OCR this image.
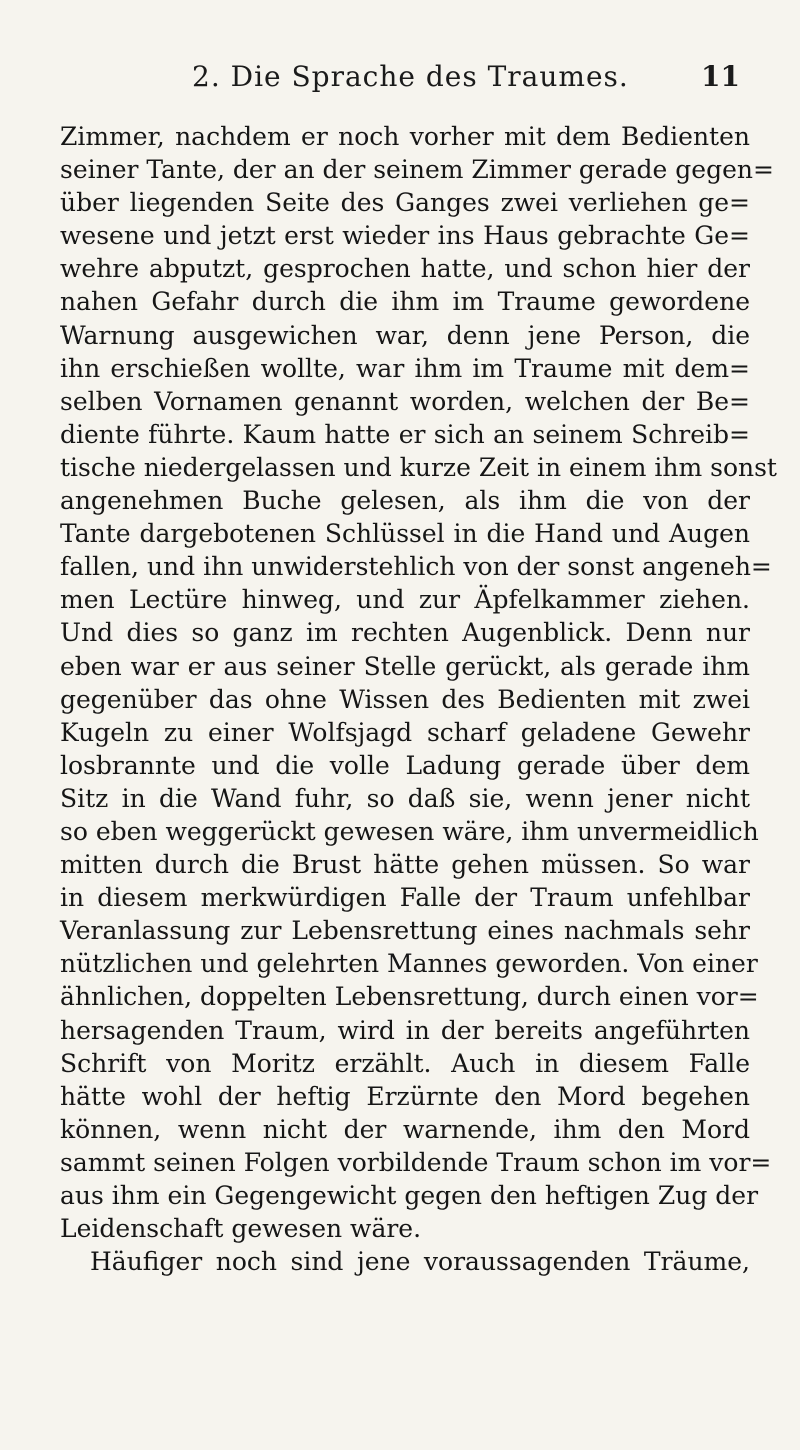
2. Die Sprache des Traumes.	11
Zimmer, nachdem er noch vorher mit dem Bedienten
seiner Tante, der an der seinem Zimmer gerade gegen=
über liegenden Seite des Ganges zwei verliehen ge=
wesene und jetzt erst wieder ins Haus gebrachte Ge=
wehre abputzt, gesprochen hatte, und schon hier der
nahen Gefahr durch die ihm im Traume gewordene
Warnung ausgewichen war, denn jene Person, die
ihn erschießen wollte, war ihm im Traume mit dem=
selben Vornamen genannt worden, welchen der Be=
diente führte. Kaum hatte er sich an seinem Schreib=
tische niedergelassen und kurze Zeit in einem ihm sonst
angenehmen Buche gelesen, als ihm die von der
Tante dargebotenen Schlüssel in die Hand und Augen
fallen, und ihn unwiderstehlich von der sonst angeneh=
men Lectüre hinweg, und zur Äpfelkammer ziehen.
Und dies so ganz im rechten Augenblick. Denn nur
eben war er aus seiner Stelle gerückt, als gerade ihm
gegenüber das ohne Wissen des Bedienten mit zwei
Kugeln zu einer Wolfsjagd scharf geladene Gewehr
losbrannte und die volle Ladung gerade über dem
Sitz in die Wand fuhr, so daß sie, wenn jener nicht
so eben weggerückt gewesen wäre, ihm unvermeidlich
mitten durch die Brust hätte gehen müssen. So war
in diesem merkwürdigen Falle der Traum unfehlbar
Veranlassung zur Lebensrettung eines nachmals sehr
nützlichen und gelehrten Mannes geworden. Von einer
ähnlichen, doppelten Lebensrettung, durch einen vor=
hersagenden Traum, wird in der bereits angeführten
Schrift von Moritz erzählt. Auch in diesem Falle
hätte wohl der heftig Erzürnte den Mord begehen
können, wenn nicht der warnende, ihm den Mord
sammt seinen Folgen vorbildende Traum schon im vor=
aus ihm ein Gegengewicht gegen den heftigen Zug der
Leidenschaft gewesen wäre.
Häufiger noch sind jene voraussagenden Träume,
